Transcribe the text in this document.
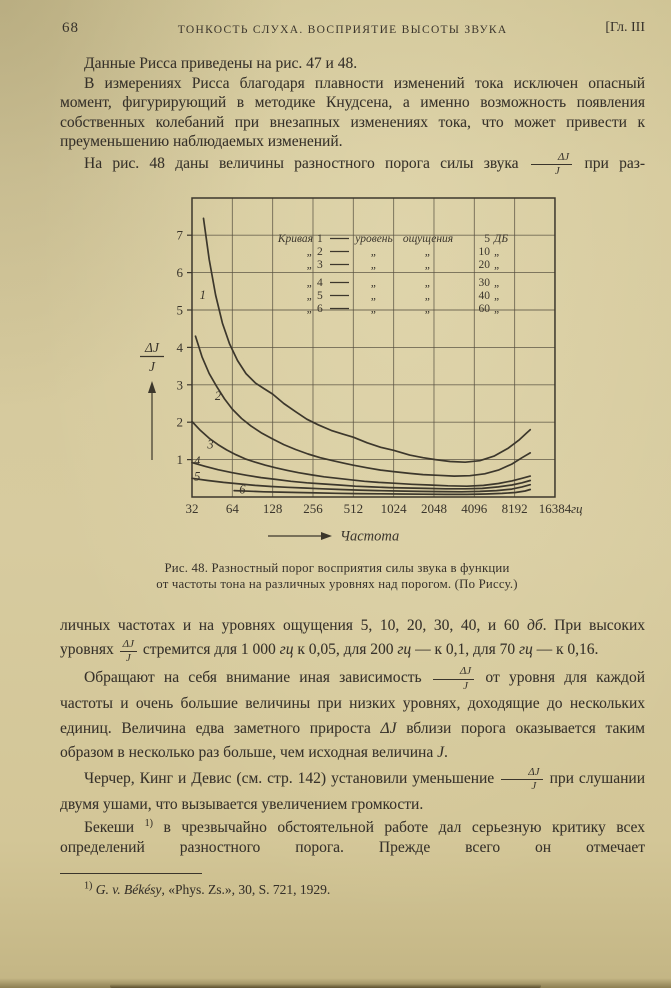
68	ТОНКОСТЬ СЛУХА. ВОСПРИЯТИЕ ВЫСОТЫ ЗВУКА	[Гл. III

Данные Рисса приведены на рис. 47 и 48.

В измерениях Рисса благодаря плавности изменений тока исключен опасный момент, фигурирующий в методике Кнудсена, а именно возможность появления собственных колебаний при внезапных изменениях тока, что может привести к преуменьшению наблюдаемых изменений.

На рис. 48 даны величины разностного порога силы звука $\frac{\Delta J}{J}$ при раз-

1
2
3
4
5
6
7
32 64 128 256 512 1024 2048 4096 8192 16384 гц
ΔJ
J
Частота
Кривая 1	уровень ощущения	5 ДБ
„ 2	„	„	10 „
„ 3	„	„	20 „
„ 4	„	„	30 „
„ 5	„	„	40 „
„ 6	„	„	60 „
1
2
3
4
5
6
Рис. 48. Разностный порог восприятия силы звука в функции
от частоты тона на различных уровнях над порогом. (По Риссу.)

личных частотах и на уровнях ощущения 5, 10, 20, 30, 40, и 60 дб. При высоких уровнях $\frac{\Delta J}{J}$ стремится для 1 000 гц к 0,05, для 200 гц — к 0,1, для 70 гц — к 0,16.

Обращают на себя внимание иная зависимость $\frac{\Delta J}{J}$ от уровня для каждой частоты и очень большие величины при низких уровнях, доходящие до нескольких единиц. Величина едва заметного прироста ΔJ вблизи порога оказывается таким образом в несколько раз больше, чем исходная величина J.

Черчер, Кинг и Девис (см. стр. 142) установили уменьшение $\frac{\Delta J}{J}$ при слушании двумя ушами, что вызывается увеличением громкости.

Бекеши $^{1)}$ в чрезвычайно обстоятельной работе дал серьезную критику всех определений разностного порога. Прежде всего он отмечает

$^{1)}$ G. v. Békésy, «Phys. Zs.», 30, S. 721, 1929.
